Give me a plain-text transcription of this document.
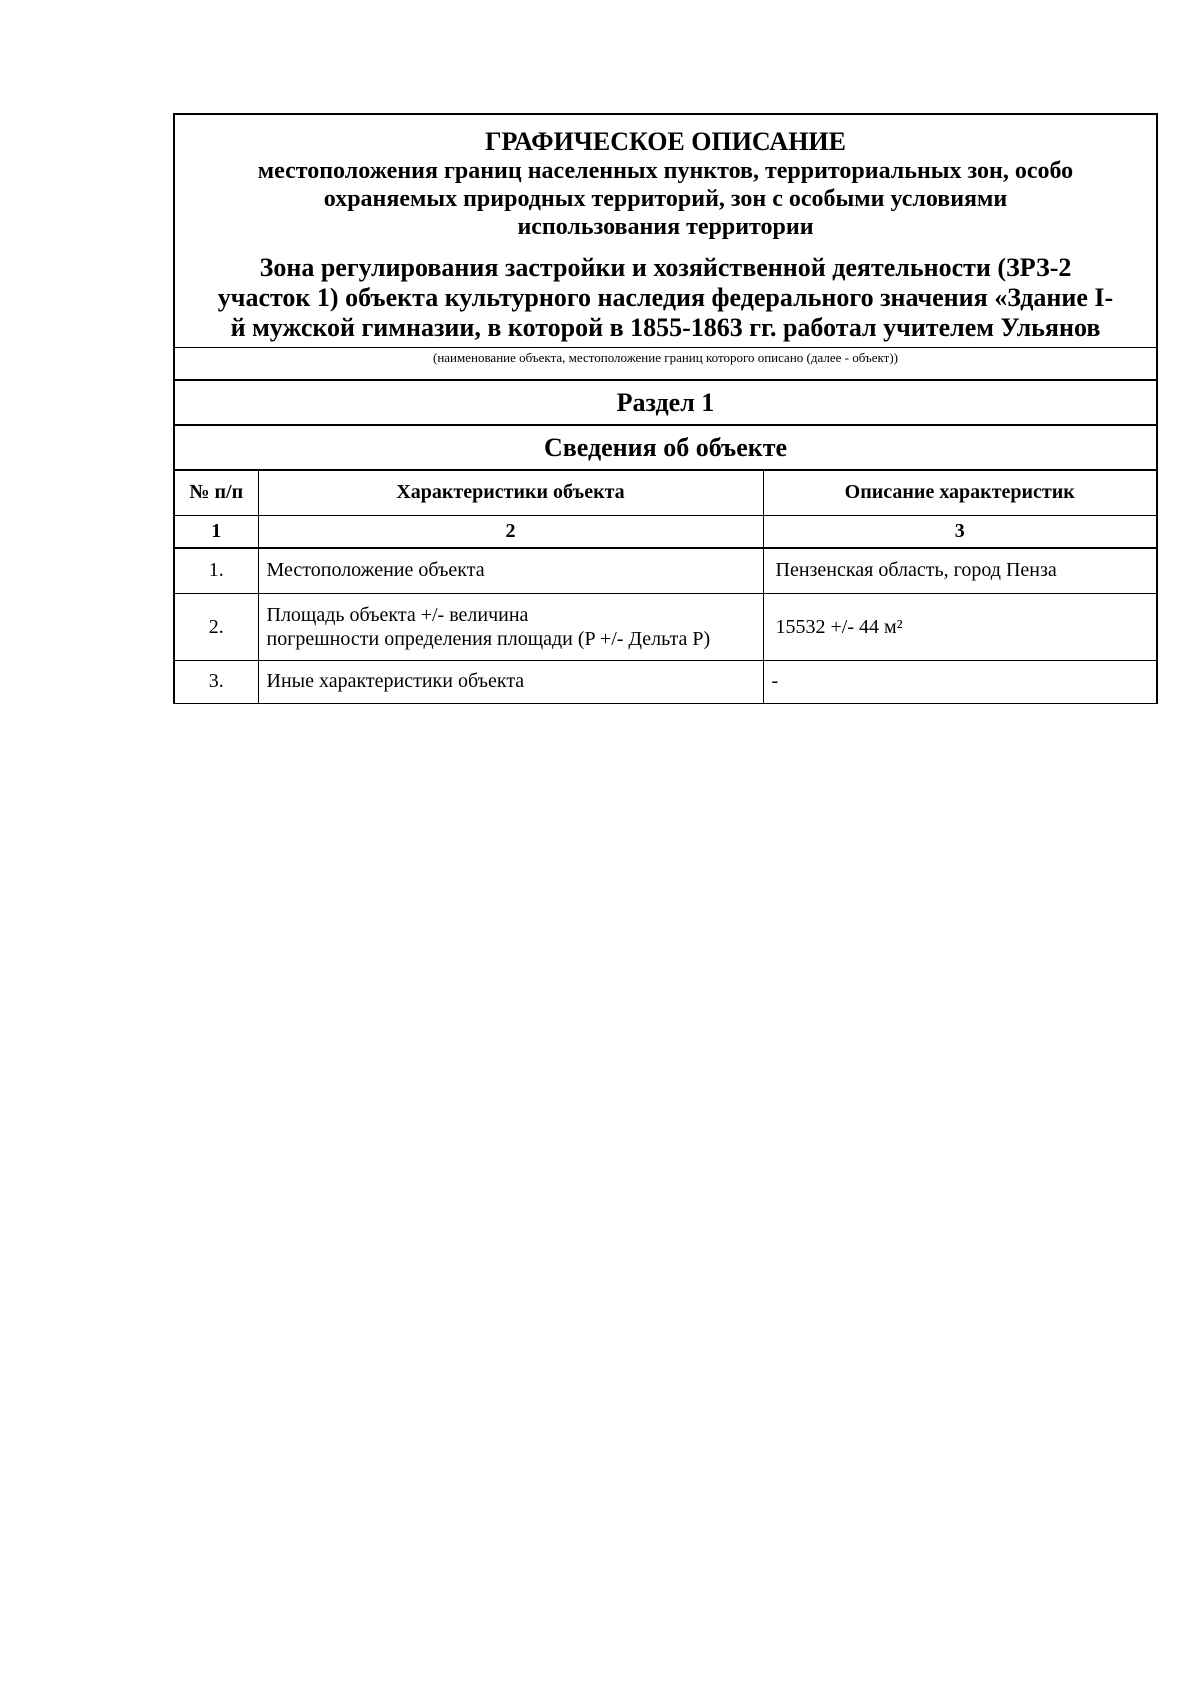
ГРАФИЧЕСКОЕ ОПИСАНИЕ

местоположения границ населенных пунктов, территориальных зон, особо

охраняемых природных территорий, зон с особыми условиями

использования территории

Зона регулирования застройки и хозяйственной деятельности (ЗРЗ-2

участок 1) объекта культурного наследия федерального значения «Здание I-

й мужской гимназии, в которой в 1855-1863 гг. работал учителем Ульянов

(наименование объекта, местоположение границ которого описано (далее - объект))
Раздел 1
Сведения об объекте
№ п/п	Характеристики объекта	Описание характеристик
1	2	3
1.	Местоположение объекта	Пензенская область, город Пенза
2.	Площадь объекта +/- величина
погрешности определения площади (P +/- Дельта P)	15532 +/- 44 м²
3.	Иные характеристики объекта	-
